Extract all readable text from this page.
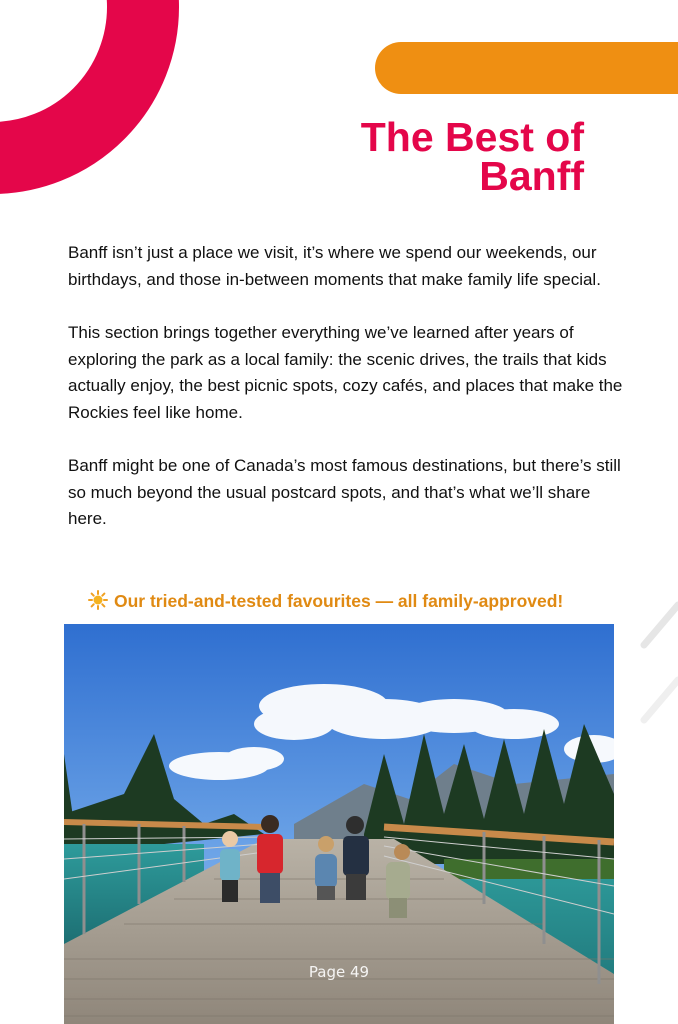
The Best of
Banff

Banff isn’t just a place we visit, it’s where we spend our weekends, our birthdays, and those in-between moments that make family life special.

This section brings together everything we’ve learned after years of exploring the park as a local family: the scenic drives, the trails that kids actually enjoy, the best picnic spots, cozy cafés, and places that make the Rockies feel like home.

Banff might be one of Canada’s most famous destinations, but there’s still so much beyond the usual postcard spots, and that’s what we’ll share here.

Our tried-and-tested favourites — all family-approved!
Page 49
